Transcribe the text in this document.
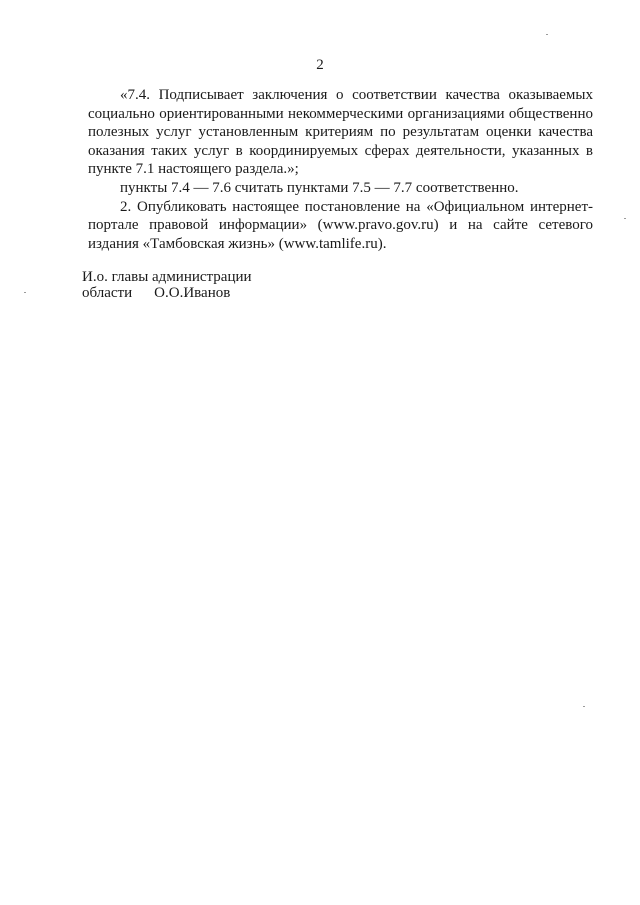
2

«7.4. Подписывает заключения о соответствии качества оказываемых социально ориентированными некоммерческими организациями общественно полезных услуг установленным критериям по результатам оценки качества оказания таких услуг в координируемых сферах деятельности, указанных в пункте 7.1 настоящего раздела.»;

пункты 7.4 — 7.6 считать пунктами 7.5 — 7.7 соответственно.

2. Опубликовать настоящее постановление на «Официальном интернет-портале правовой информации» (www.pravo.gov.ru) и на сайте сетевого издания «Тамбовская жизнь» (www.tamlife.ru).

И.о. главы администрации
области О.О.Иванов
